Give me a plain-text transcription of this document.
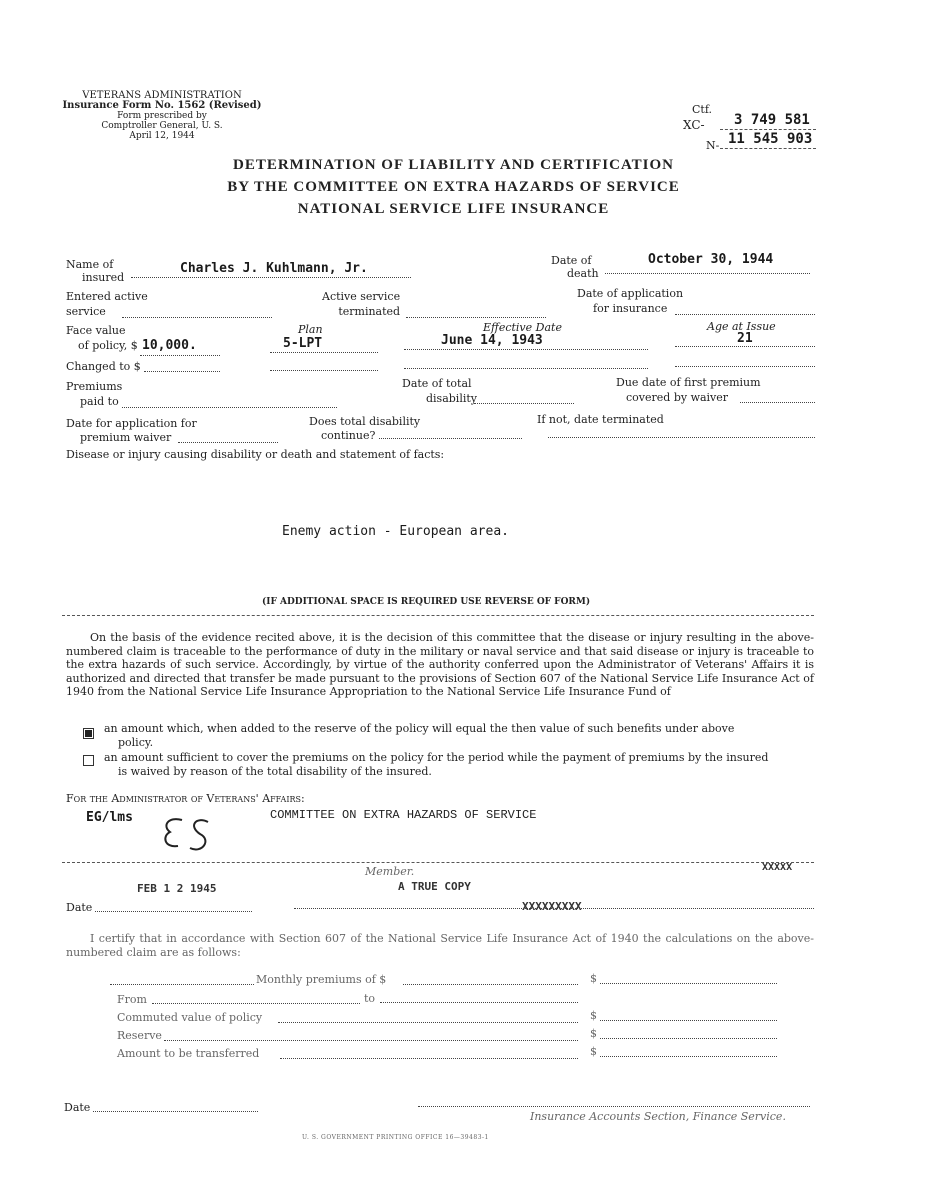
VETERANS ADMINISTRATION
Insurance Form No. 1562 (Revised)
Form prescribed by
Comptroller General, U. S.
April 12, 1944
Ctf.
XC- 3 749 581
N- 11 545 903
DETERMINATION OF LIABILITY AND CERTIFICATION
BY THE COMMITTEE ON EXTRA HAZARDS OF SERVICE
NATIONAL SERVICE LIFE INSURANCE
Name of
insured
Charles J. Kuhlmann, Jr.
Date of
death
October 30, 1944
Entered active
service
Active service
terminated
Date of application
for insurance
Face value
of policy, $ 10,000.
Plan
5-LPT
Effective Date
June 14, 1943
Age at Issue
21
Changed to $
Premiums
paid to
Date of total
disability
Due date of first premium
covered by waiver
Date for application for
premium waiver
Does total disability
continue?
If not, date terminated
Disease or injury causing disability or death and statement of facts:
Enemy action - European area.
(IF ADDITIONAL SPACE IS REQUIRED USE REVERSE OF FORM)
On the basis of the evidence recited above, it is the decision of this committee that the disease or injury resulting in the above-numbered claim is traceable to the performance of duty in the military or naval service and that said disease or injury is traceable to the extra hazards of such service. Accordingly, by virtue of the authority conferred upon the Administrator of Veterans' Affairs it is authorized and directed that transfer be made pursuant to the provisions of Section 607 of the National Service Life Insurance Act of 1940 from the National Service Life Insurance Appropriation to the National Service Life Insurance Fund of
an amount which, when added to the reserve of the policy will equal the then value of such benefits under above
policy.
an amount sufficient to cover the premiums on the policy for the period while the payment of premiums by the insured
is waived by reason of the total disability of the insured.
For the Administrator of Veterans' Affairs:
EG/lms	COMMITTEE ON EXTRA HAZARDS OF SERVICE
Member.	XXXXX
FEB 1 2 1945	A TRUE COPY
XXXXXXXXX
Date
I certify that in accordance with Section 607 of the National Service Life Insurance Act of 1940 the calculations on the above-numbered claim are as follows:
Monthly premiums of $	$
From	to
Commuted value of policy	$
Reserve	$
Amount to be transferred	$
Date
Insurance Accounts Section, Finance Service.
U. S. GOVERNMENT PRINTING OFFICE 16—39483-1
